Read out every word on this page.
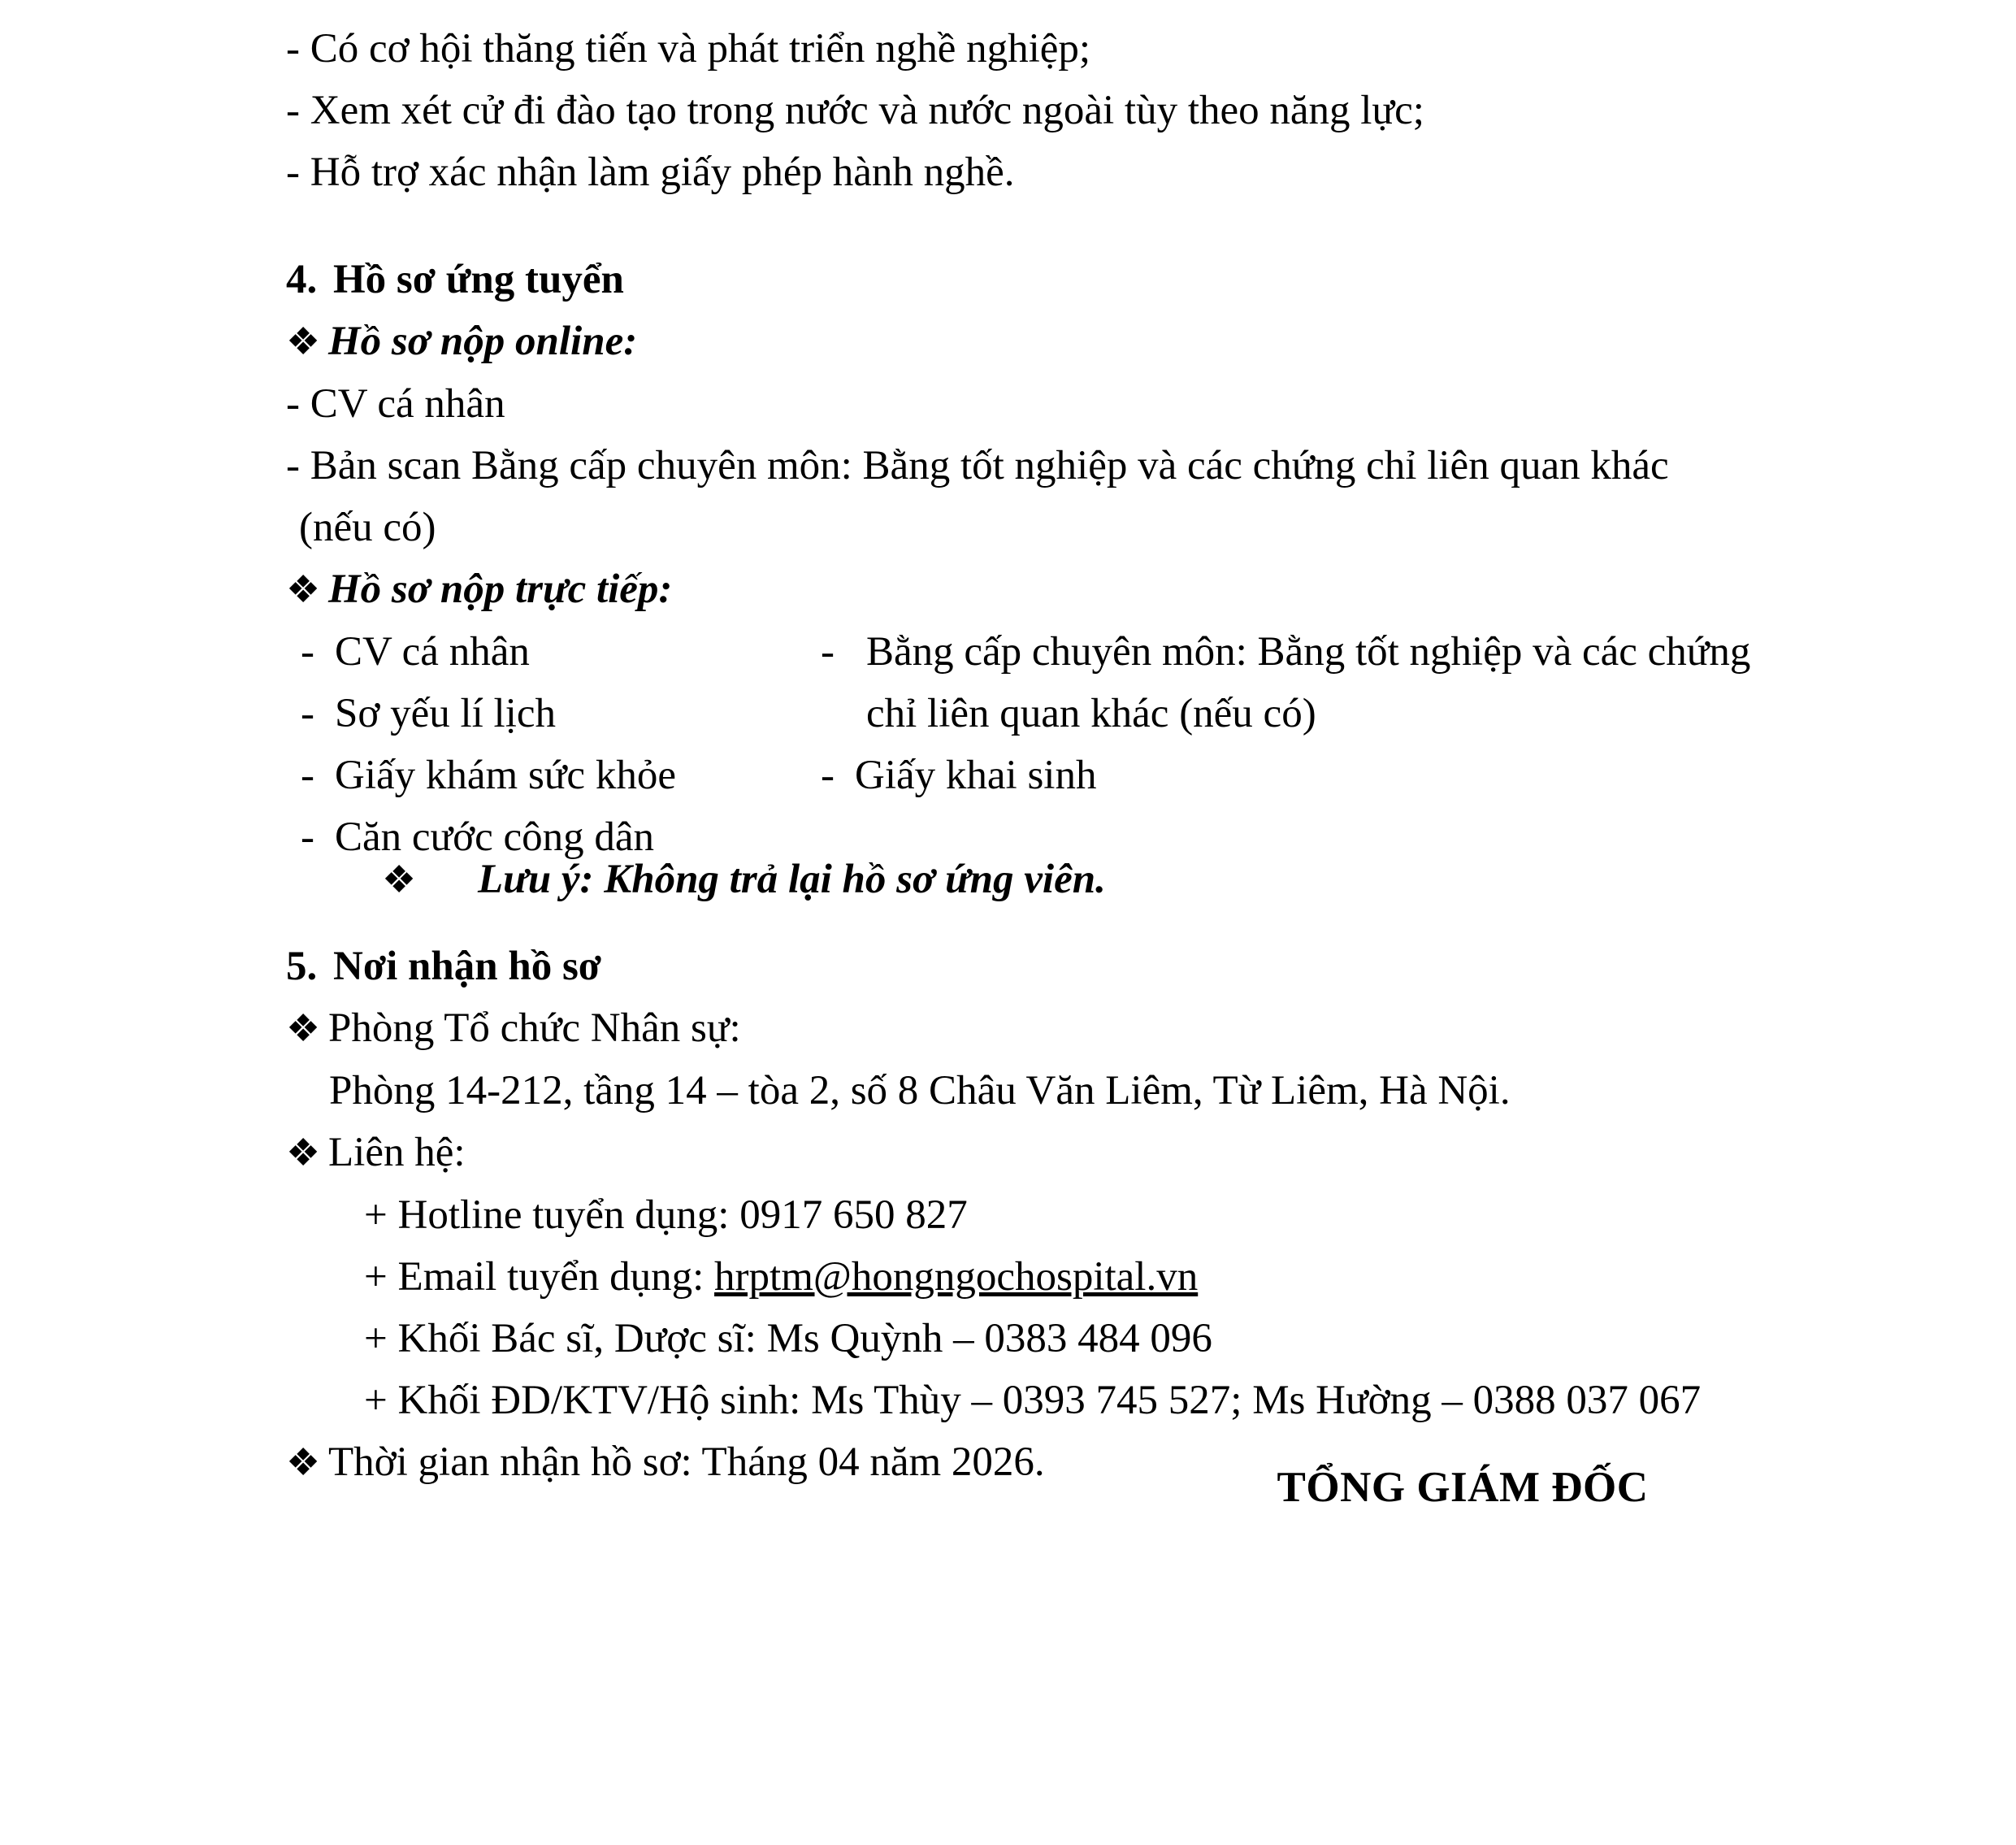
- Có cơ hội thăng tiến và phát triển nghề nghiệp;
- Xem xét cử đi đào tạo trong nước và nước ngoài tùy theo năng lực;
- Hỗ trợ xác nhận làm giấy phép hành nghề.
4. Hồ sơ ứng tuyển
❖ Hồ sơ nộp online:
- CV cá nhân
- Bản scan Bằng cấp chuyên môn: Bằng tốt nghiệp và các chứng chỉ liên quan khác
(nếu có)
❖ Hồ sơ nộp trực tiếp:
- CV cá nhân
- Sơ yếu lí lịch
- Giấy khám sức khỏe
- Căn cước công dân
- Bằng cấp chuyên môn: Bằng tốt nghiệp và các chứng
chỉ liên quan khác (nếu có)
- Giấy khai sinh
❖ Lưu ý: Không trả lại hồ sơ ứng viên.
5. Nơi nhận hồ sơ
❖ Phòng Tổ chức Nhân sự:
Phòng 14-212, tầng 14 – tòa 2, số 8 Châu Văn Liêm, Từ Liêm, Hà Nội.
❖ Liên hệ:
+ Hotline tuyển dụng: 0917 650 827
+ Email tuyển dụng: hrptm@hongngochospital.vn
+ Khối Bác sĩ, Dược sĩ: Ms Quỳnh – 0383 484 096
+ Khối ĐD/KTV/Hộ sinh: Ms Thùy – 0393 745 527; Ms Hường – 0388 037 067
❖ Thời gian nhận hồ sơ: Tháng 04 năm 2026.
TỔNG GIÁM ĐỐC
